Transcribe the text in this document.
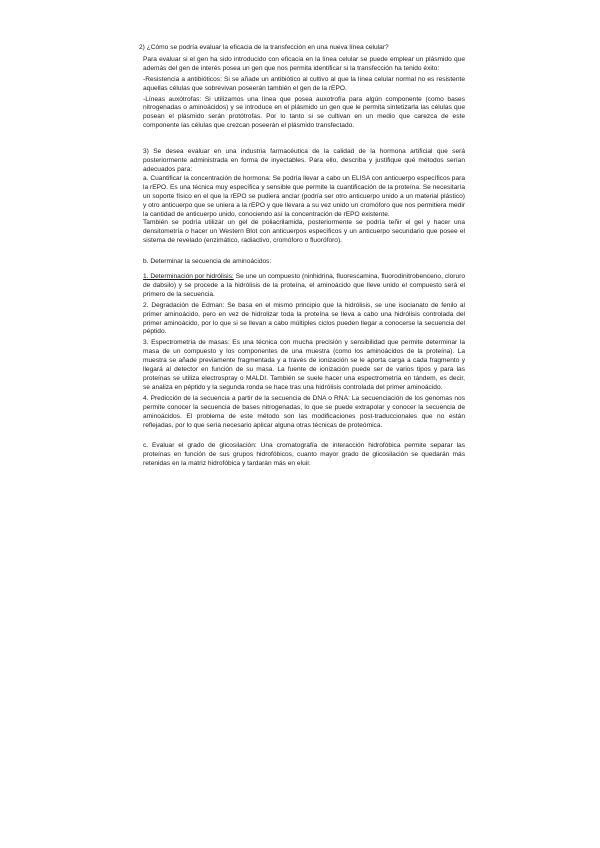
2) ¿Cómo se podría evaluar la eficacia de la transfección en una nueva línea celular?

Para evaluar si el gen ha sido introducido con eficacia en la línea celular se puede emplear un plásmido que además del gen de interés posea un gen que nos permita identificar si la transfección ha tenido éxito:

-Resistencia a antibióticos: Si se añade un antibiótico al cultivo al que la línea celular normal no es resistente aquellas células que sobrevivan poseerán también el gen de la rEPO.

-Líneas auxótrofas: Si utilizamos una línea que posea auxotrofía para algún componente (como bases nitrogenadas o aminoácidos) y se introduce en el plásmido un gen que le permita sintetizarla las células que posean el plásmido serán protótrofas. Por lo tanto si se cultivan en un medio que carezca de este componente las células que crezcan poseerán el plásmido transfectado.

3) Se desea evaluar en una industria farmacéutica de la calidad de la hormona artificial que será posteriormente administrada en forma de inyectables. Para ello, describa y justifique qué métodos serían adecuados para:

a. Cuantificar la concentración de hormona: Se podría llevar a cabo un ELISA con anticuerpo específicos para la rEPO. Es una técnica muy específica y sensible que permite la cuantificación de la proteína. Se necesitaría un soporte físico en el que la rEPO se pudiera anclar (podría ser otro anticuerpo unido a un material plástico) y otro anticuerpo que se uniera a la rEPO y que llevara a su vez unido un cromóforo que nos permitiera medir la cantidad de anticuerpo unido, conociendo así la concentración de rEPO existente.

También se podría utilizar un gel de poliacrilamida, posteriormente se podría teñir el gel y hacer una densitometría o hacer un Western Blot con anticuerpos específicos y un anticuerpo secundario que posee el sistema de revelado (enzimático, radiactivo, cromóforo o fluoróforo).

b. Determinar la secuencia de aminoácidos:

1. Determinación por hidrólisis: Se une un compuesto (ninhidrina, fluorescamina, fluorodinitrobenceno, cloruro de dabsilo) y se procede a la hidrólisis de la proteína, el aminoácido que lleve unido el compuesto será el primero de la secuencia.

2. Degradación de Edman: Se basa en el mismo principio que la hidrólisis, se une isocianato de fenilo al primer aminoácido, pero en vez de hidrolizar toda la proteína se lleva a cabo una hidrólisis controlada del primer aminoácido, por lo que si se llevan a cabo múltiples ciclos pueden llegar a conocerse la secuencia del péptido.

3. Espectrometría de masas: Es una técnica con mucha precisión y sensibilidad que permite determinar la masa de un compuesto y los componentes de una muestra (como los aminoácidos de la proteína). La muestra se añade previamente fragmentada y a través de ionización se le aporta carga a cada fragmento y llegará al detector en función de su masa. La fuente de ionización puede ser de varios tipos y para las proteínas se utiliza electrospray o MALDI. También se suele hacer una espectrometría en tándem, es decir, se analiza en péptido y la segunda ronda se hace tras una hidrólisis controlada del primer aminoácido.

4. Predicción de la secuencia a partir de la secuencia de DNA o RNA: La secuenciación de los genomas nos permite conocer la secuencia de bases nitrogenadas, lo que se puede extrapolar y conocer la secuencia de aminoácidos. El problema de este método son las modificaciones post-traduccionales que no están reflejadas, por lo que sería necesario aplicar alguna otras técnicas de proteómica.

c. Evaluar el grado de glicosilación: Una cromatografía de interacción hidrofóbica permite separar las proteínas en función de sus grupos hidrofóbicos, cuanto mayor grado de glicosilación se quedarán más retenidas en la matriz hidrofóbica y tardarán más en eluir.
